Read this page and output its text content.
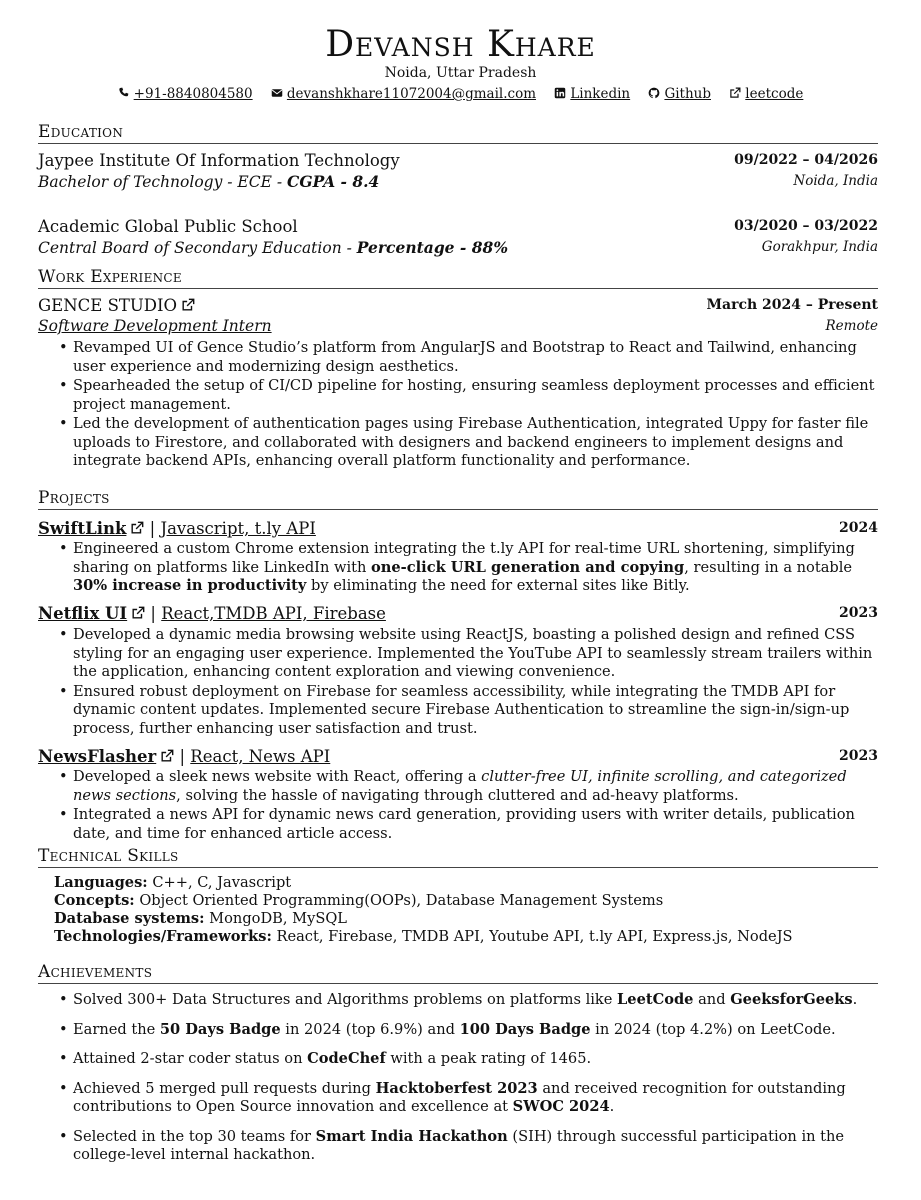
Devansh Khare
Noida, Uttar Pradesh
+91-8840804580	devanshkhare11072004@gmail.com	Linkedin	Github	leetcode
Education
Jaypee Institute Of Information Technology	09/2022 – 04/2026
Bachelor of Technology - ECE - CGPA - 8.4	Noida, India
Academic Global Public School	03/2020 – 03/2022
Central Board of Secondary Education - Percentage - 88%	Gorakhpur, India
Work Experience
GENCE STUDIO	March 2024 – Present
Software Development Intern	Remote
• Revamped UI of Gence Studio’s platform from AngularJS and Bootstrap to React and Tailwind, enhancing user experience and modernizing design aesthetics.
• Spearheaded the setup of CI/CD pipeline for hosting, ensuring seamless deployment processes and efficient project management.
• Led the development of authentication pages using Firebase Authentication, integrated Uppy for faster file uploads to Firestore, and collaborated with designers and backend engineers to implement designs and integrate backend APIs, enhancing overall platform functionality and performance.
Projects
SwiftLink
| Javascript, t.ly API	2024
• Engineered a custom Chrome extension integrating the t.ly API for real-time URL shortening, simplifying sharing on platforms like LinkedIn with one-click URL generation and copying, resulting in a notable 30% increase in productivity by eliminating the need for external sites like Bitly.
Netflix UI
| React,TMDB API, Firebase	2023
• Developed a dynamic media browsing website using ReactJS, boasting a polished design and refined CSS styling for an engaging user experience. Implemented the YouTube API to seamlessly stream trailers within the application, enhancing content exploration and viewing convenience.
• Ensured robust deployment on Firebase for seamless accessibility, while integrating the TMDB API for dynamic content updates. Implemented secure Firebase Authentication to streamline the sign-in/sign-up process, further enhancing user satisfaction and trust.
NewsFlasher
| React, News API	2023
• Developed a sleek news website with React, offering a clutter-free UI, infinite scrolling, and categorized news sections, solving the hassle of navigating through cluttered and ad-heavy platforms.
• Integrated a news API for dynamic news card generation, providing users with writer details, publication date, and time for enhanced article access.
Technical Skills
Languages: C++, C, Javascript
Concepts: Object Oriented Programming(OOPs), Database Management Systems
Database systems: MongoDB, MySQL
Technologies/Frameworks: React, Firebase, TMDB API, Youtube API, t.ly API, Express.js, NodeJS
Achievements
• Solved 300+ Data Structures and Algorithms problems on platforms like LeetCode and GeeksforGeeks.
• Earned the 50 Days Badge in 2024 (top 6.9%) and 100 Days Badge in 2024 (top 4.2%) on LeetCode.
• Attained 2-star coder status on CodeChef with a peak rating of 1465.
• Achieved 5 merged pull requests during Hacktoberfest 2023 and received recognition for outstanding contributions to Open Source innovation and excellence at SWOC 2024.
• Selected in the top 30 teams for Smart India Hackathon (SIH) through successful participation in the college-level internal hackathon.
